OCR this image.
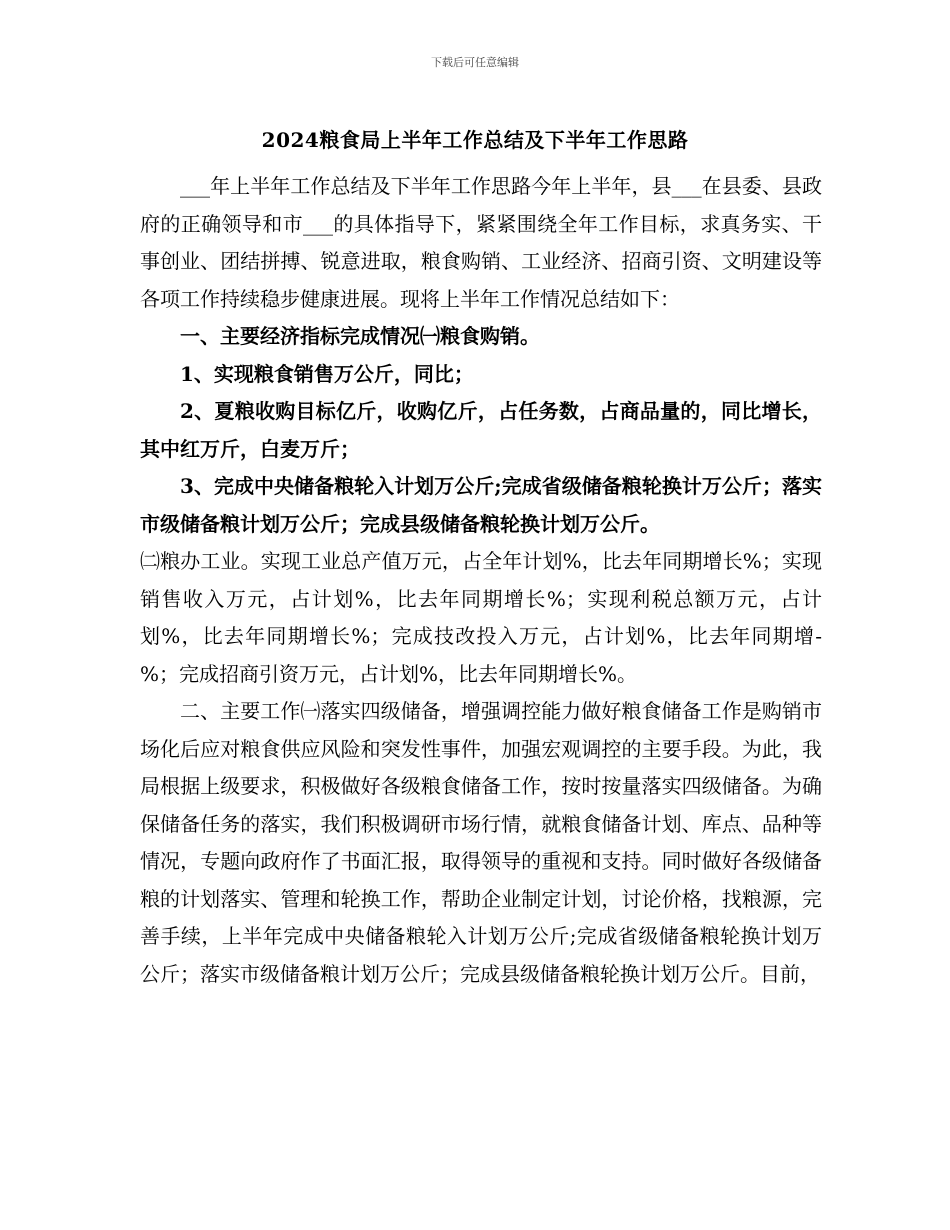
下载后可任意编辑
2024粮食局上半年工作总结及下半年工作思路

___年上半年工作总结及下半年工作思路今年上半年，县___在县委、县政府的正确领导和市___的具体指导下，紧紧围绕全年工作目标，求真务实、干事创业、团结拼搏、锐意进取，粮食购销、工业经济、招商引资、文明建设等各项工作持续稳步健康进展。现将上半年工作情况总结如下：

一、主要经济指标完成情况㈠粮食购销。

1、实现粮食销售万公斤，同比；

2、夏粮收购目标亿斤，收购亿斤，占任务数，占商品量的，同比增长，其中红万斤，白麦万斤；

3、完成中央储备粮轮入计划万公斤;完成省级储备粮轮换计万公斤；落实市级储备粮计划万公斤；完成县级储备粮轮换计划万公斤。

㈡粮办工业。实现工业总产值万元，占全年计划%，比去年同期增长%；实现销售收入万元，占计划%，比去年同期增长%；实现利税总额万元，占计划%，比去年同期增长%；完成技改投入万元，占计划%，比去年同期增-%；完成招商引资万元，占计划%，比去年同期增长%。

二、主要工作㈠落实四级储备，增强调控能力做好粮食储备工作是购销市场化后应对粮食供应风险和突发性事件，加强宏观调控的主要手段。为此，我局根据上级要求，积极做好各级粮食储备工作，按时按量落实四级储备。为确保储备任务的落实，我们积极调研市场行情，就粮食储备计划、库点、品种等情况，专题向政府作了书面汇报，取得领导的重视和支持。同时做好各级储备粮的计划落实、管理和轮换工作，帮助企业制定计划，讨论价格，找粮源，完善手续，上半年完成中央储备粮轮入计划万公斤;完成省级储备粮轮换计划万公斤；落实市级储备粮计划万公斤；完成县级储备粮轮换计划万公斤。目前，
